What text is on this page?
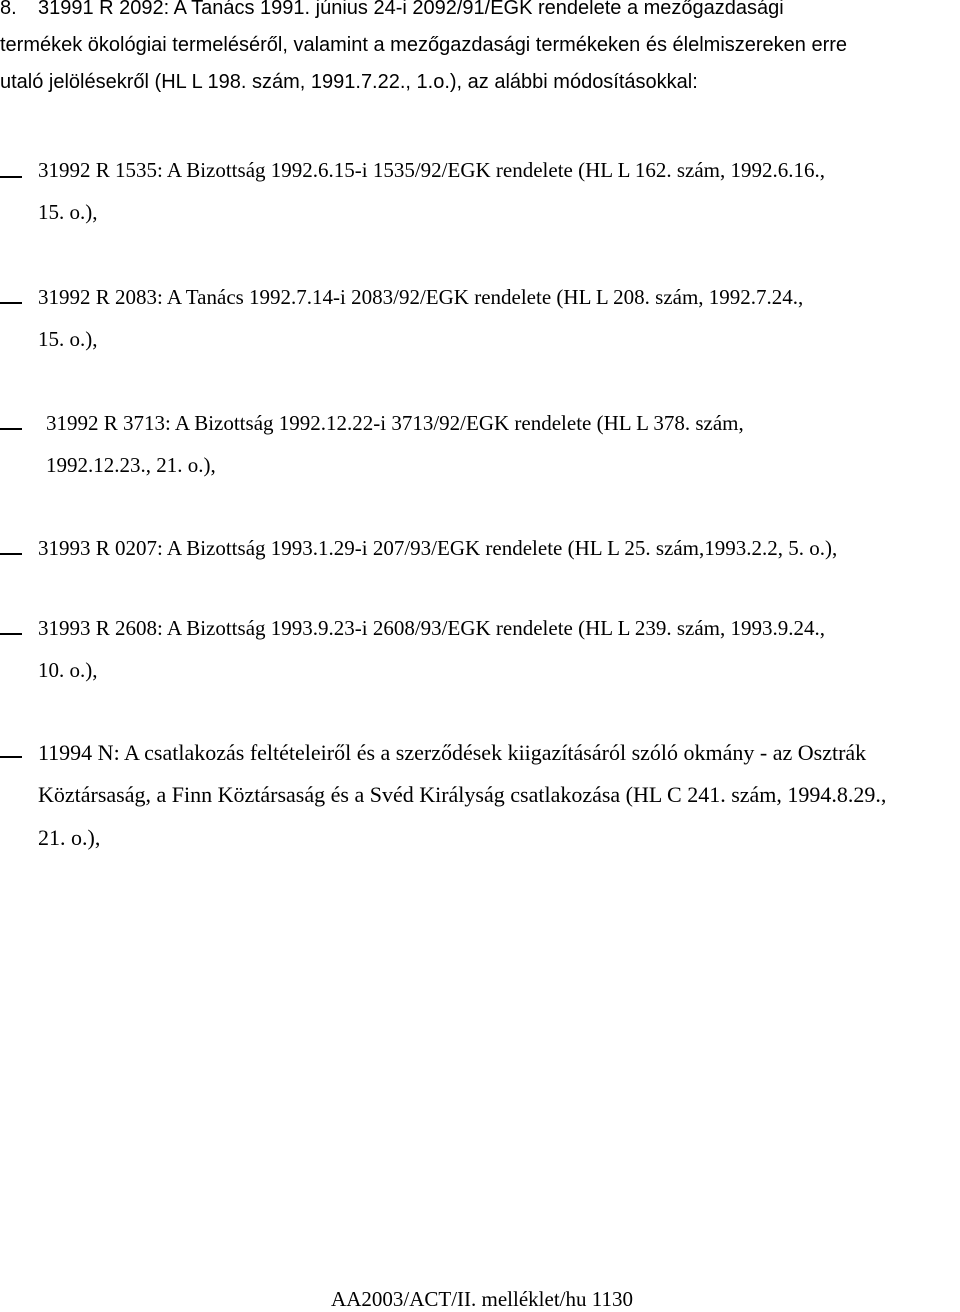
8. 31991 R 2092: A Tanács 1991. június 24-i 2092/91/EGK rendelete a mezőgazdasági
termékek ökológiai termeléséről, valamint a mezőgazdasági termékeken és élelmiszereken erre
utaló jelölésekről (HL L 198. szám, 1991.7.22., 1.o.), az alábbi módosításokkal:
31992 R 1535: A Bizottság 1992.6.15-i 1535/92/EGK rendelete (HL L 162. szám, 1992.6.16.,
15. o.),
31992 R 2083: A Tanács 1992.7.14-i 2083/92/EGK rendelete (HL L 208. szám, 1992.7.24.,
15. o.),
31992 R 3713: A Bizottság 1992.12.22-i 3713/92/EGK rendelete (HL L 378. szám,
1992.12.23., 21. o.),
31993 R 0207: A Bizottság 1993.1.29-i 207/93/EGK rendelete (HL L 25. szám,1993.2.2, 5. o.),
31993 R 2608: A Bizottság 1993.9.23-i 2608/93/EGK rendelete (HL L 239. szám, 1993.9.24.,
10. o.),
11994 N: A csatlakozás feltételeiről és a szerződések kiigazításáról szóló okmány - az Osztrák
Köztársaság, a Finn Köztársaság és a Svéd Királyság csatlakozása (HL C 241. szám, 1994.8.29.,
21. o.),
AA2003/ACT/II. melléklet/hu 1130
